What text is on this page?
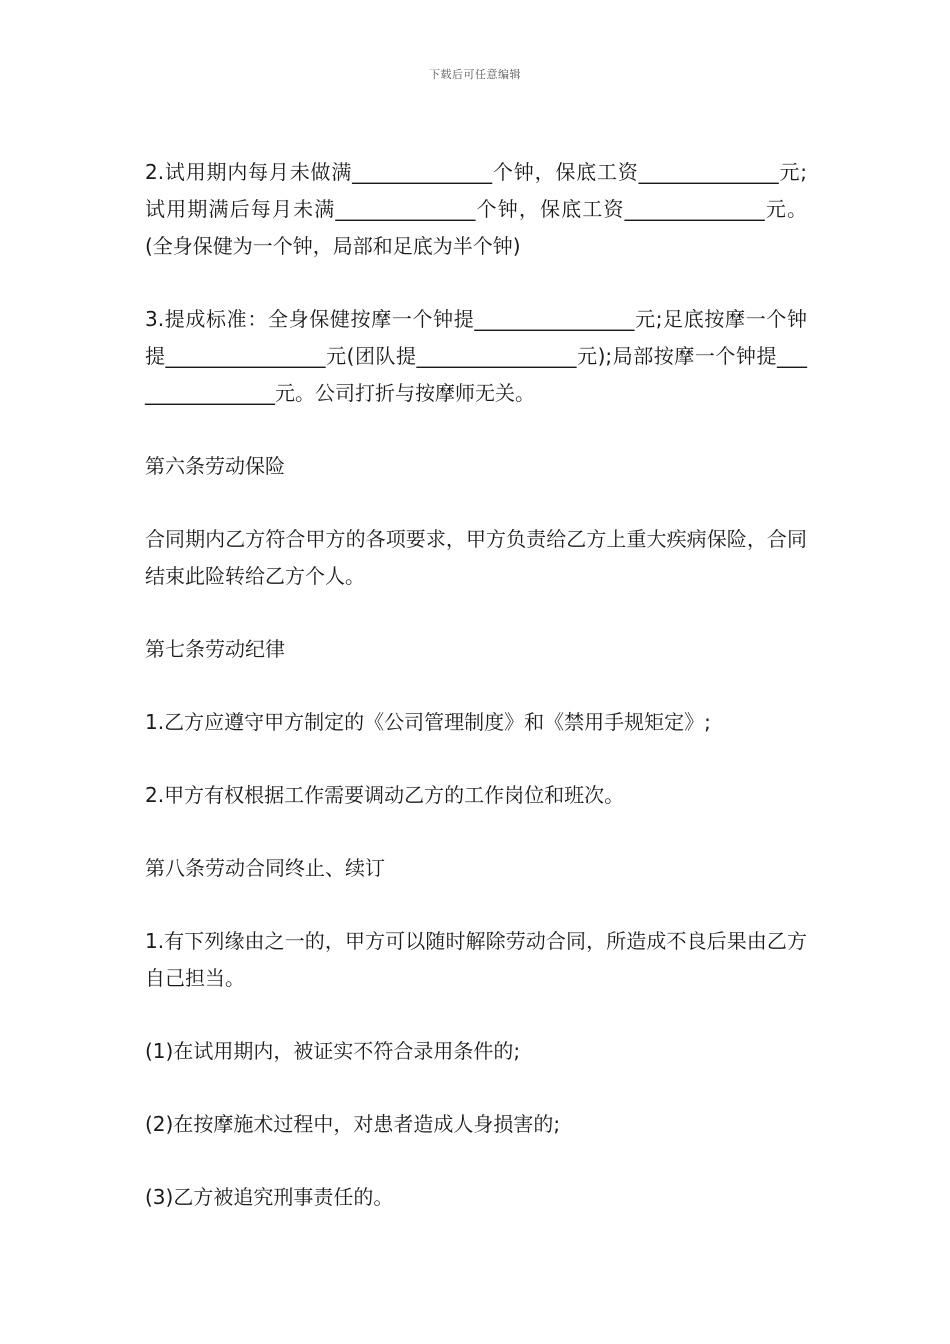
下载后可任意编辑

2.试用期内每月未做满______________个钟，保底工资______________元;试用期满后每月未满______________个钟，保底工资______________元。(全身保健为一个钟，局部和足底为半个钟)

3.提成标准：全身保健按摩一个钟提________________元;足底按摩一个钟提________________元(团队提________________元);局部按摩一个钟提________________元。公司打折与按摩师无关。

第六条劳动保险

合同期内乙方符合甲方的各项要求，甲方负责给乙方上重大疾病保险，合同结束此险转给乙方个人。

第七条劳动纪律

1.乙方应遵守甲方制定的《公司管理制度》和《禁用手规矩定》;

2.甲方有权根据工作需要调动乙方的工作岗位和班次。

第八条劳动合同终止、续订

1.有下列缘由之一的，甲方可以随时解除劳动合同，所造成不良后果由乙方自己担当。

(1)在试用期内，被证实不符合录用条件的;

(2)在按摩施术过程中，对患者造成人身损害的;

(3)乙方被追究刑事责任的。
